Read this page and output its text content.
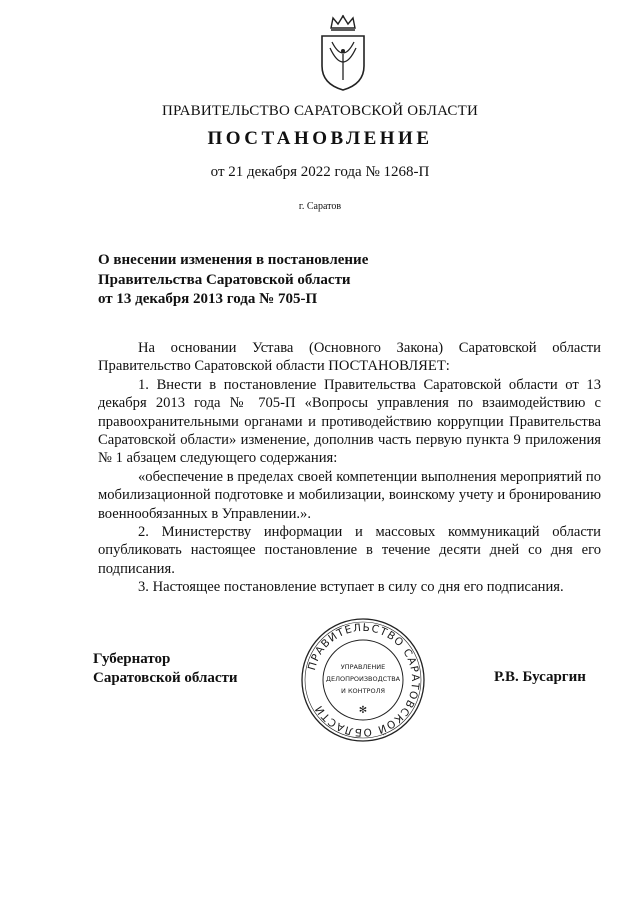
ПРАВИТЕЛЬСТВО САРАТОВСКОЙ ОБЛАСТИ
ПОСТАНОВЛЕНИЕ
от 21 декабря 2022 года № 1268-П
г. Саратов
О внесении изменения в постановление
Правительства Саратовской области
от 13 декабря 2013 года № 705-П

На основании Устава (Основного Закона) Саратовской области Правительство Саратовской области ПОСТАНОВЛЯЕТ:

1. Внести в постановление Правительства Саратовской области от 13 декабря 2013 года № 705-П «Вопросы управления по взаимодействию с правоохранительными органами и противодействию коррупции Правительства Саратовской области» изменение, дополнив часть первую пункта 9 приложения № 1 абзацем следующего содержания:

«обеспечение в пределах своей компетенции выполнения мероприятий по мобилизационной подготовке и мобилизации, воинскому учету и бронированию военнообязанных в Управлении.».

2. Министерству информации и массовых коммуникаций области опубликовать настоящее постановление в течение десяти дней со дня его подписания.

3. Настоящее постановление вступает в силу со дня его подписания.

Губернатор
Саратовской области
ПРАВИТЕЛЬСТВО САРАТОВСКОЙ ОБЛАСТИ
УПРАВЛЕНИЕ
ДЕЛОПРОИЗВОДСТВА
И КОНТРОЛЯ
✻
Р.В. Бусаргин
